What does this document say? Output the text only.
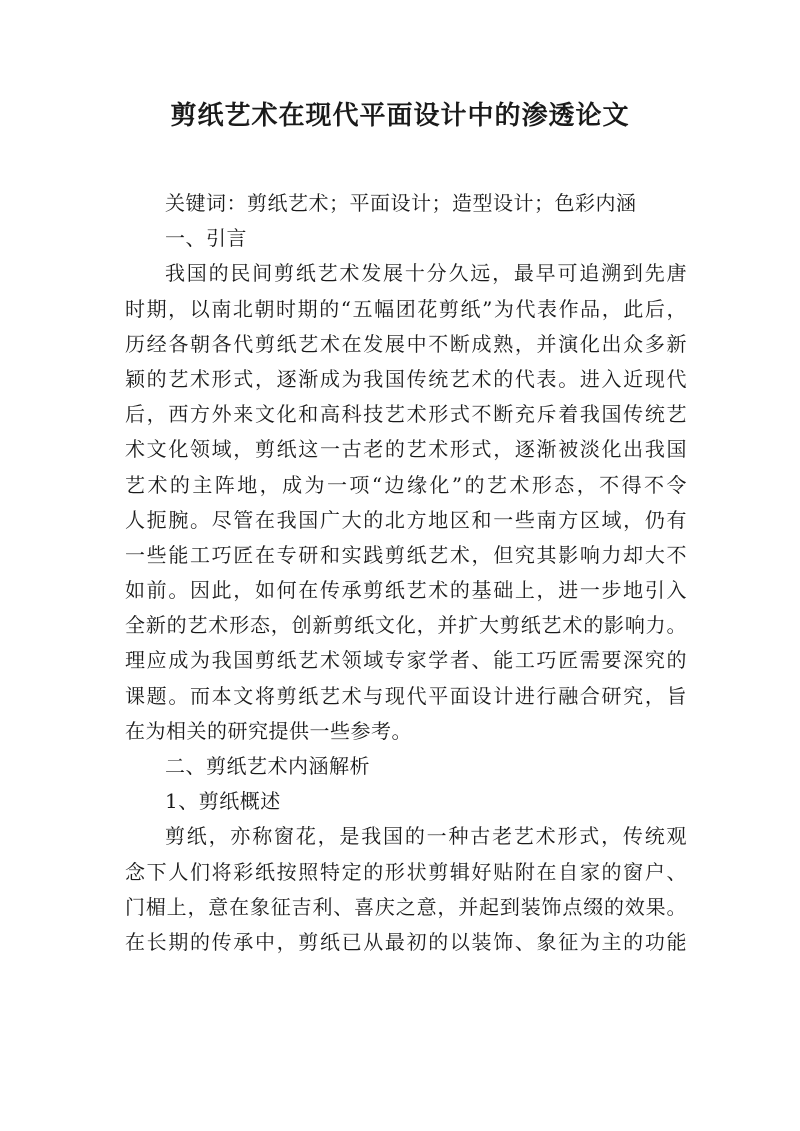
剪纸艺术在现代平面设计中的渗透论文
关键词：剪纸艺术；平面设计；造型设计；色彩内涵
一、引言
我国的民间剪纸艺术发展十分久远，最早可追溯到先唐
时期，以南北朝时期的“五幅团花剪纸”为代表作品，此后，
历经各朝各代剪纸艺术在发展中不断成熟，并演化出众多新
颖的艺术形式，逐渐成为我国传统艺术的代表。进入近现代
后，西方外来文化和高科技艺术形式不断充斥着我国传统艺
术文化领域，剪纸这一古老的艺术形式，逐渐被淡化出我国
艺术的主阵地，成为一项“边缘化”的艺术形态，不得不令
人扼腕。尽管在我国广大的北方地区和一些南方区域，仍有
一些能工巧匠在专研和实践剪纸艺术，但究其影响力却大不
如前。因此，如何在传承剪纸艺术的基础上，进一步地引入
全新的艺术形态，创新剪纸文化，并扩大剪纸艺术的影响力。
理应成为我国剪纸艺术领域专家学者、能工巧匠需要深究的
课题。而本文将剪纸艺术与现代平面设计进行融合研究，旨
在为相关的研究提供一些参考。
二、剪纸艺术内涵解析
1、剪纸概述
剪纸，亦称窗花，是我国的一种古老艺术形式，传统观
念下人们将彩纸按照特定的形状剪辑好贴附在自家的窗户、
门楣上，意在象征吉利、喜庆之意，并起到装饰点缀的效果。
在长期的传承中，剪纸已从最初的以装饰、象征为主的功能
